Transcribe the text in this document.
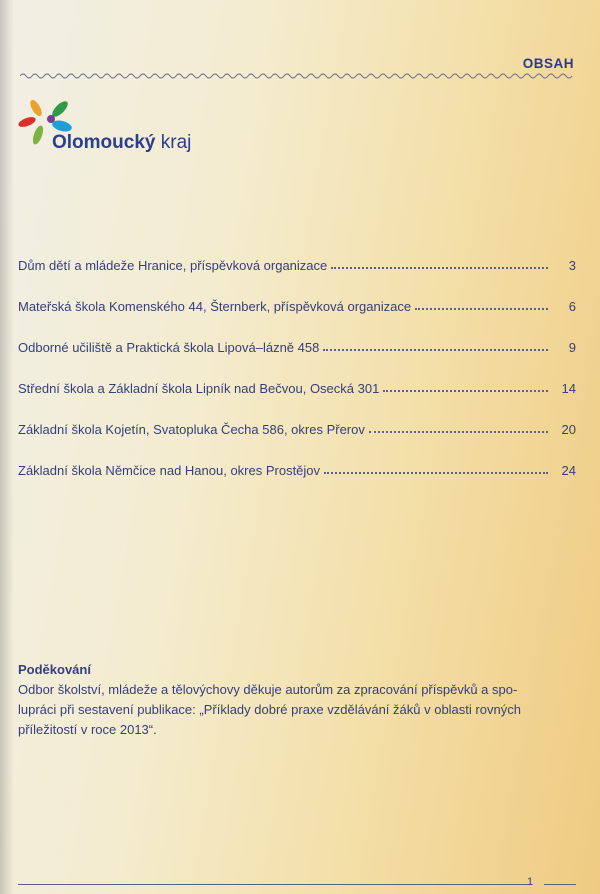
OBSAH
Olomoucký kraj
Dům dětí a mládeže Hranice, příspěvková organizace	3
Mateřská škola Komenského 44, Šternberk, příspěvková organizace	6
Odborné učiliště a Praktická škola Lipová–lázně 458	9
Střední škola a Základní škola Lipník nad Bečvou, Osecká 301	14
Základní škola Kojetín, Svatopluka Čecha 586, okres Přerov	20
Základní škola Němčice nad Hanou, okres Prostějov	24
Poděkování
Odbor školství, mládeže a tělovýchovy děkuje autorům za zpracování příspěvků a spo-
lupráci při sestavení publikace: „Příklady dobré praxe vzdělávání žáků v oblasti rovných
příležitostí v roce 2013“.
1
